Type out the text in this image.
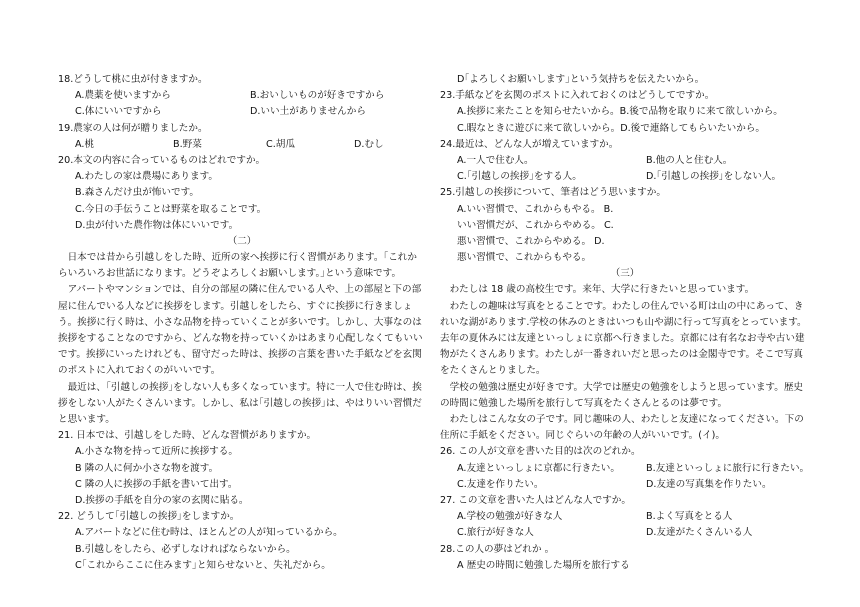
18.どうして桃に虫が付きますか。
A.農薬を使いますから	B.おいしいものが好きですから
C.体にいいですから	D.いい土がありませんから
19.農家の人は何が贈りましたか。
A.桃	B.野菜	C.胡瓜	D.むし
20.本文の内容に合っているものはどれですか。
A.わたしの家は農場にあります。
B.森さんだけ虫が怖いです。
C.今日の手伝うことは野菜を取ることです。
D.虫が付いた農作物は体にいいです。
（二）
　日本では昔から引越しをした時、近所の家へ挨拶に行く習慣があります。｢これからいろいろお世話になります。どうぞよろしくお願いします。｣という意味です。
　アパートやマンションでは、自分の部屋の隣に住んでいる人や、上の部屋と下の部屋に住んでいる人などに挨拶をします。引越しをしたら、すぐに挨拶に行きましょう。挨拶に行く時は、小さな品物を持っていくことが多いです。しかし、大事なのは挨拶をすることなのですから、どんな物を持っていくかはあまり心配しなくてもいいです。挨拶にいったけれども、留守だった時は、挨拶の言葉を書いた手紙などを玄関のポストに入れておくのがいいです。
　最近は、｢引越しの挨拶｣をしない人も多くなっています。特に一人で住む時は、挨拶をしない人がたくさんいます。しかし、私は｢引越しの挨拶｣は、やはりいい習慣だと思います。
21. 日本では、引越しをした時、どんな習慣がありますか。
A.小さな物を持って近所に挨拶する。
B 隣の人に何か小さな物を渡す。
C 隣の人に挨拶の手紙を書いて出す。
D.挨拶の手紙を自分の家の玄関に貼る。
22. どうして｢引越しの挨拶｣をしますか。
A.アパートなどに住む時は、ほとんどの人が知っているから。
B.引越しをしたら、必ずしなければならないから。
C｢これからここに住みます｣と知らせないと、失礼だから。
D｢よろしくお願いします｣という気持ちを伝えたいから。
23.手紙などを玄関のポストに入れておくのはどうしてですか。
A.挨拶に来たことを知らせたいから。B.後で品物を取りに来て欲しいから。
C.暇なときに遊びに来て欲しいから。D.後で連絡してもらいたいから。
24.最近は、どんな人が増えていますか。
A.一人で住む人。	B.他の人と住む人。
C.｢引越しの挨拶｣をする人。	D.｢引越しの挨拶｣をしない人。
25.引越しの挨拶について、筆者はどう思いますか。
A.いい習慣で、これからもやる。 B.
いい習慣だが、これからやめる。 C.
悪い習慣で、これからやめる。 D.
悪い習慣で、これからもやる。
（三）
　わたしは 18 歳の高校生です。来年、大学に行きたいと思っています。
　わたしの趣味は写真をとることです。わたしの住んでいる町は山の中にあって、きれいな湖があります.学校の休みのときはいつも山や湖に行って写真をとっています。去年の夏休みには友達といっしょに京都へ行きました。京都には有名なお寺や古い建物がたくさんあります。わたしが一番きれいだと思ったのは金閣寺です。そこで写真をたくさんとりました。
　学校の勉強は歴史が好きです。大学では歴史の勉強をしようと思っています。歴史の時間に勉強した場所を旅行して写真をたくさんとるのは夢です。
　わたしはこんな女の子です。同じ趣味の人、わたしと友達になってください。下の住所に手紙をください。同じぐらいの年齢の人がいいです。(イ)。
26. この人が文章を書いた目的は次のどれか。
A.友達といっしょに京都に行きたい。	B.友達といっしょに旅行に行きたい。
C.友達を作りたい。	D.友達の写真集を作りたい。
27. この文章を書いた人はどんな人ですか。
A.学校の勉強が好きな人	B.よく写真をとる人
C.旅行が好きな人	D.友達がたくさんいる人
28.この人の夢はどれか 。
A 歴史の時間に勉強した場所を旅行する
